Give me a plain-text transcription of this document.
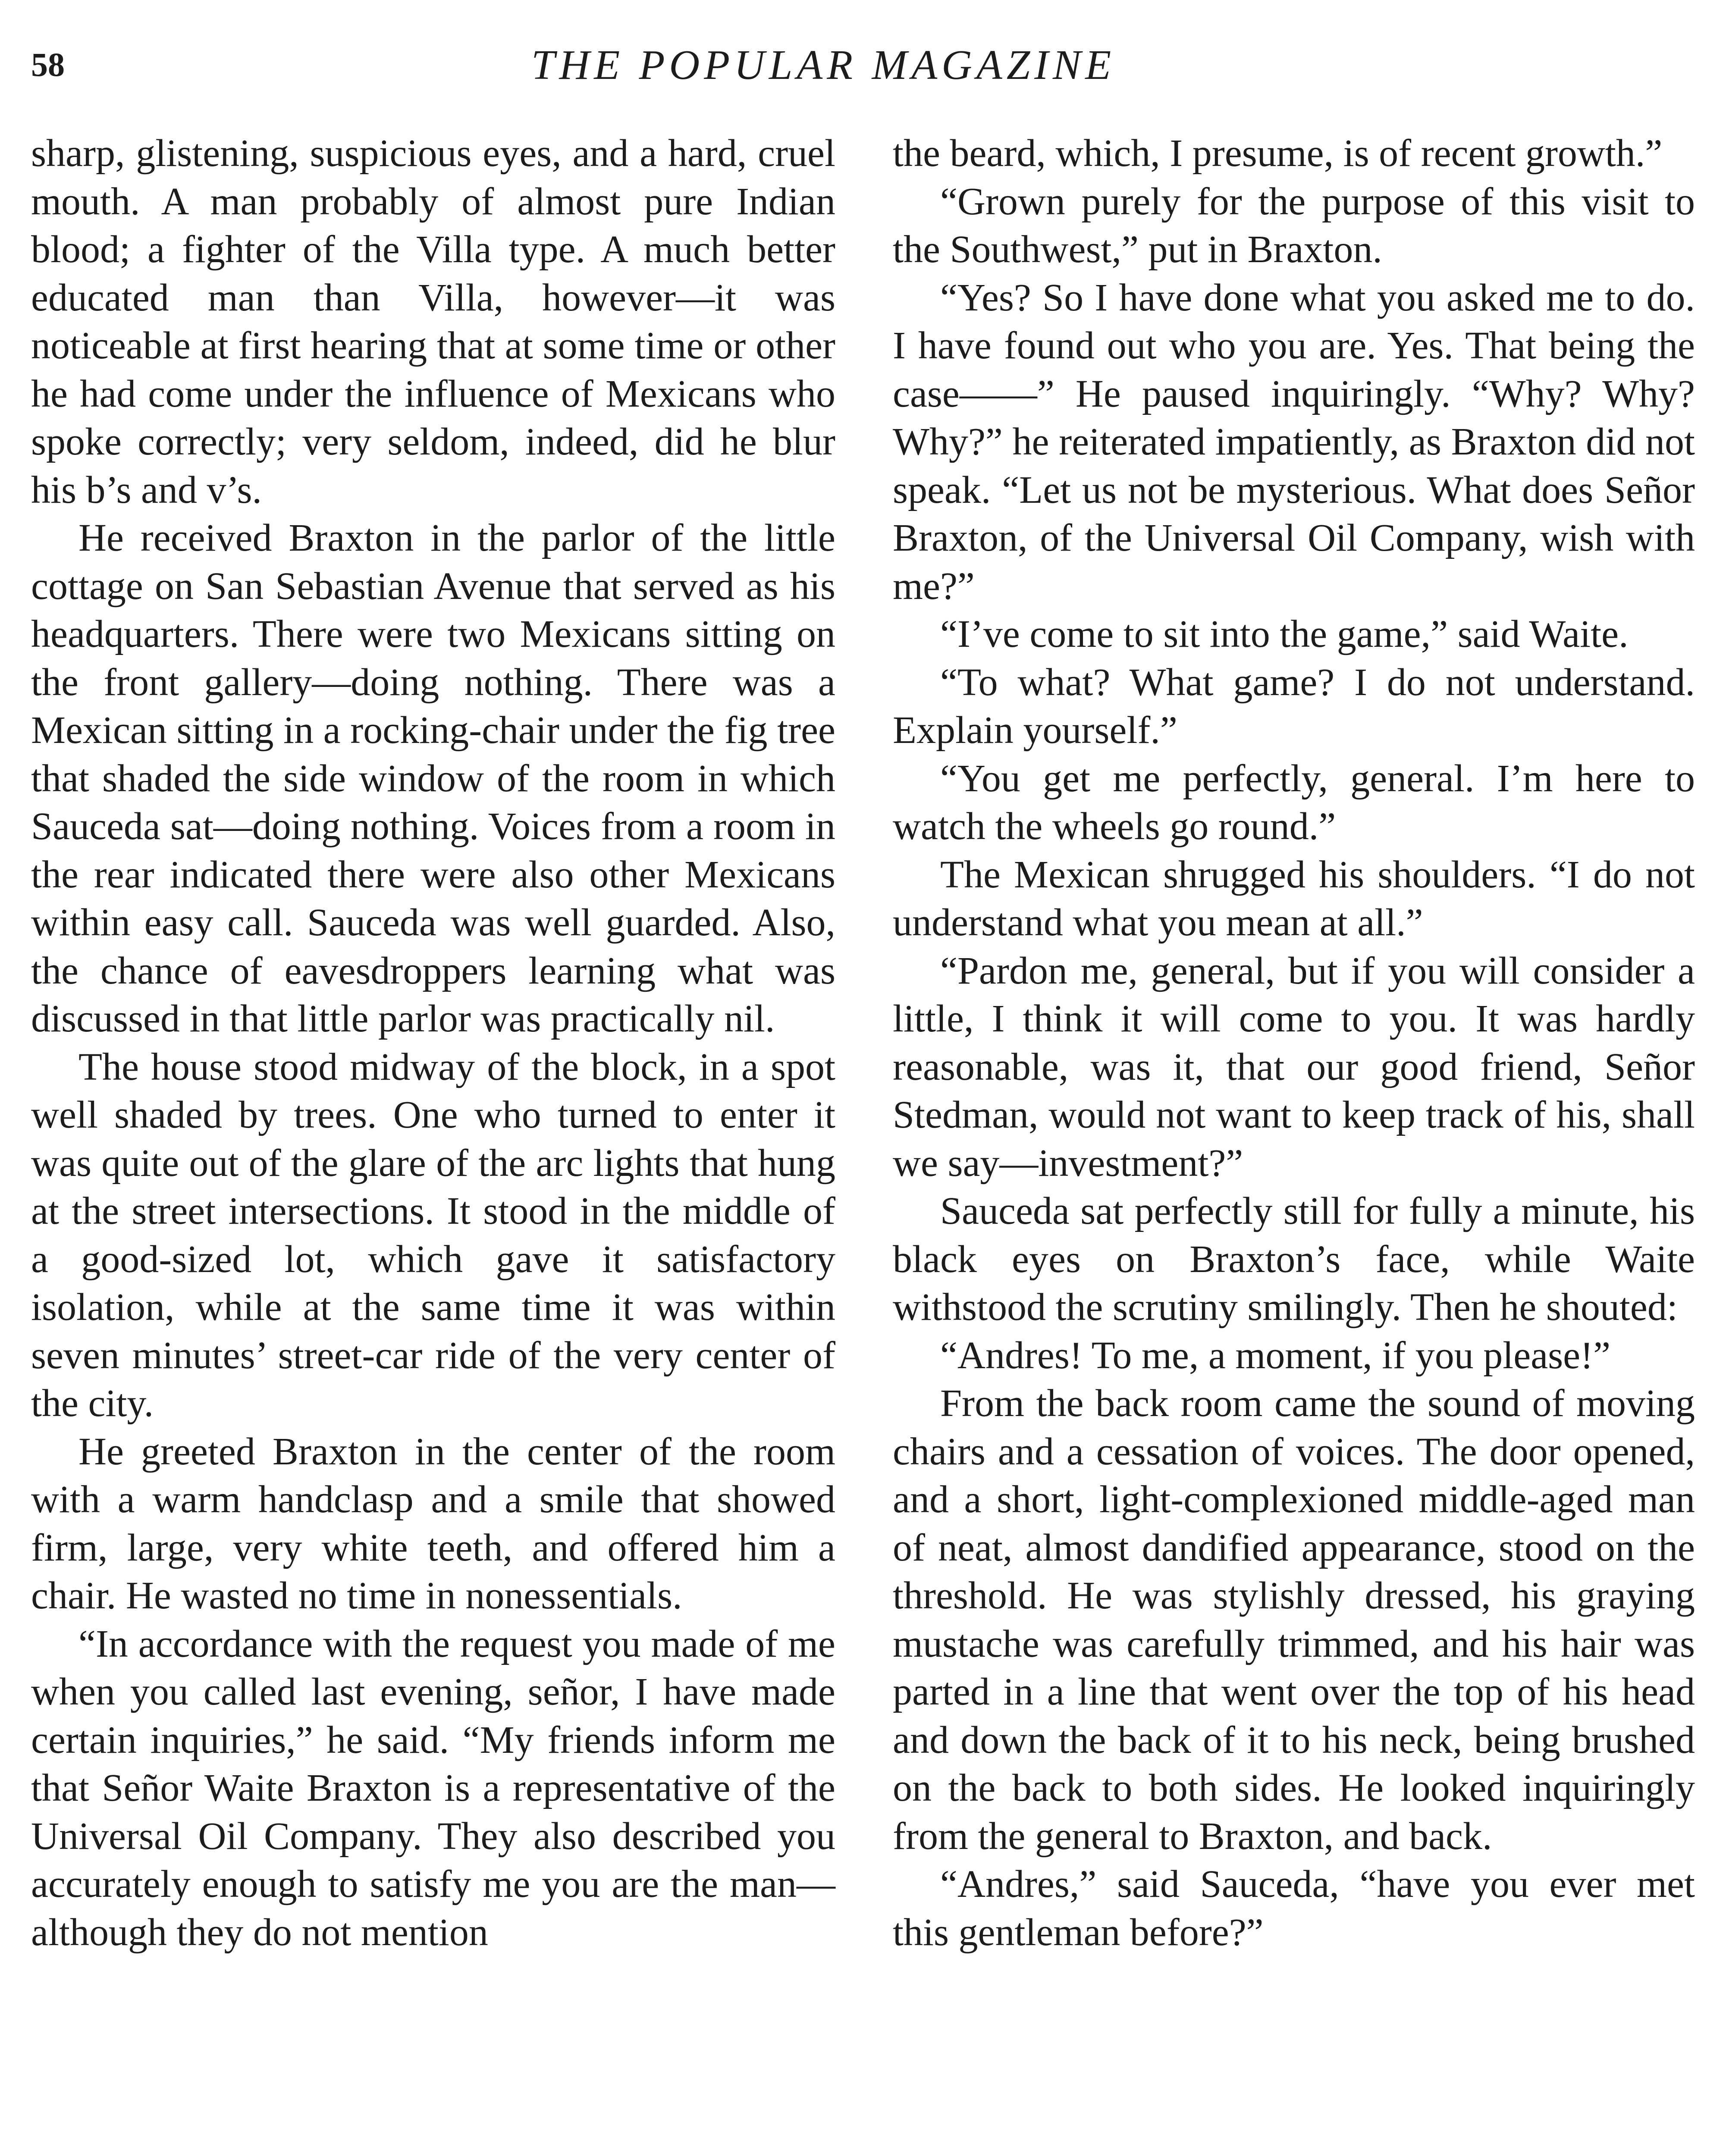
58	THE POPULAR MAGAZINE

sharp, glistening, suspicious eyes, and a hard, cruel mouth. A man probably of almost pure Indian blood; a fighter of the Villa type. A much better educated man than Villa, however—it was noticeable at first hearing that at some time or other he had come under the influence of Mexicans who spoke correctly; very seldom, indeed, did he blur his b’s and v’s.

He received Braxton in the parlor of the little cottage on San Sebastian Avenue that served as his headquarters. There were two Mexicans sitting on the front gallery—doing nothing. There was a Mexican sitting in a rocking-chair under the fig tree that shaded the side window of the room in which Sauceda sat—doing nothing. Voices from a room in the rear indicated there were also other Mexicans within easy call. Sauceda was well guarded. Also, the chance of eavesdroppers learning what was discussed in that little parlor was practically nil.

The house stood midway of the block, in a spot well shaded by trees. One who turned to enter it was quite out of the glare of the arc lights that hung at the street intersections. It stood in the middle of a good-sized lot, which gave it satisfactory isolation, while at the same time it was within seven minutes’ street-car ride of the very center of the city.

He greeted Braxton in the center of the room with a warm handclasp and a smile that showed firm, large, very white teeth, and offered him a chair. He wasted no time in nonessentials.

“In accordance with the request you made of me when you called last evening, señor, I have made certain inquiries,” he said. “My friends inform me that Señor Waite Braxton is a representative of the Universal Oil Company. They also described you accurately enough to satisfy me you are the man—although they do not mention

the beard, which, I presume, is of recent growth.”

“Grown purely for the purpose of this visit to the Southwest,” put in Braxton.

“Yes? So I have done what you asked me to do. I have found out who you are. Yes. That being the case——” He paused inquiringly. “Why? Why? Why?” he reiterated impatiently, as Braxton did not speak. “Let us not be mysterious. What does Señor Braxton, of the Universal Oil Company, wish with me?”

“I’ve come to sit into the game,” said Waite.

“To what? What game? I do not understand. Explain yourself.”

“You get me perfectly, general. I’m here to watch the wheels go round.”

The Mexican shrugged his shoulders. “I do not understand what you mean at all.”

“Pardon me, general, but if you will consider a little, I think it will come to you. It was hardly reasonable, was it, that our good friend, Señor Stedman, would not want to keep track of his, shall we say—investment?”

Sauceda sat perfectly still for fully a minute, his black eyes on Braxton’s face, while Waite withstood the scrutiny smilingly. Then he shouted:

“Andres! To me, a moment, if you please!”

From the back room came the sound of moving chairs and a cessation of voices. The door opened, and a short, light-complexioned middle-aged man of neat, almost dandified appearance, stood on the threshold. He was stylishly dressed, his graying mustache was carefully trimmed, and his hair was parted in a line that went over the top of his head and down the back of it to his neck, being brushed on the back to both sides. He looked inquiringly from the general to Braxton, and back.

“Andres,” said Sauceda, “have you ever met this gentleman before?”
